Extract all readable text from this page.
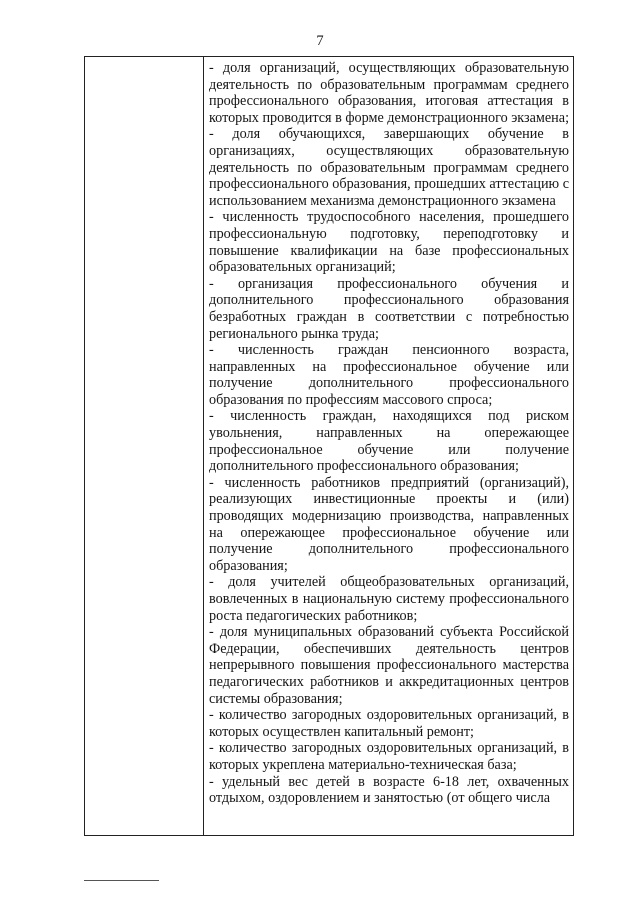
7

- доля организаций, осуществляющих образовательную деятельность по образовательным программам среднего профессионального образования, итоговая аттестация в которых проводится в форме демонстрационного экзамена;

- доля обучающихся, завершающих обучение в организациях, осуществляющих образовательную деятельность по образовательным программам среднего профессионального образования, прошедших аттестацию с использованием механизма демонстрационного экзамена

- численность трудоспособного населения, прошедшего профессиональную подготовку, переподготовку и повышение квалификации на базе профессиональных образовательных организаций;

- организация профессионального обучения и дополнительного профессионального образования безработных граждан в соответствии с потребностью регионального рынка труда;

- численность граждан пенсионного возраста, направленных на профессиональное обучение или получение дополнительного профессионального образования по профессиям массового спроса;

- численность граждан, находящихся под риском увольнения, направленных на опережающее профессиональное обучение или получение дополнительного профессионального образования;

- численность работников предприятий (организаций), реализующих инвестиционные проекты и (или) проводящих модернизацию производства, направленных на опережающее профессиональное обучение или получение дополнительного профессионального образования;

- доля учителей общеобразовательных организаций, вовлеченных в национальную систему профессионального роста педагогических работников;

- доля муниципальных образований субъекта Российской Федерации, обеспечивших деятельность центров непрерывного повышения профессионального мастерства педагогических работников и аккредитационных центров системы образования;

- количество загородных оздоровительных организаций, в которых осуществлен капитальный ремонт;

- количество загородных оздоровительных организаций, в которых укреплена материально-техническая база;

- удельный вес детей в возрасте 6-18 лет, охваченных отдыхом, оздоровлением и занятостью (от общего числа
